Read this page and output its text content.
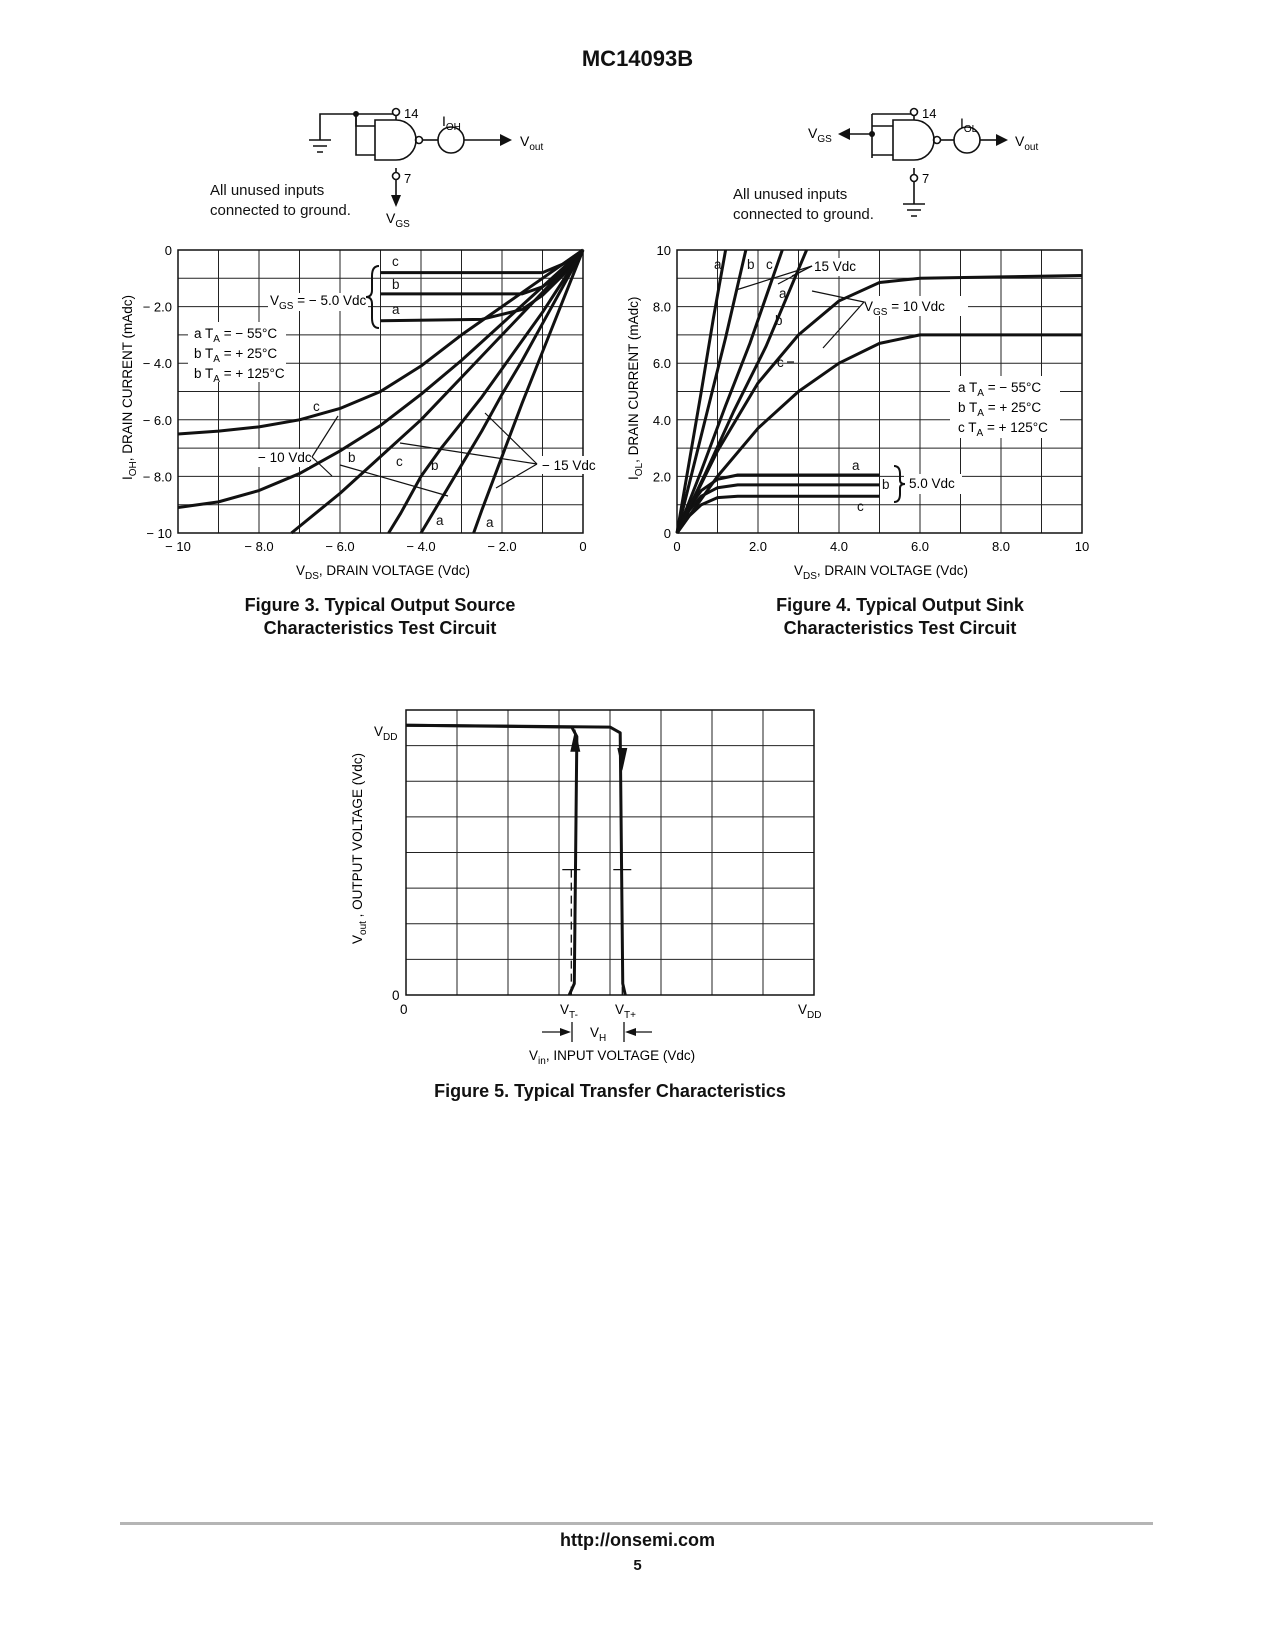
MC14093B
14
7
$I_{OH}$
$V_{out}$
$V_{GS}$
All unused inputs
connected to ground.
14
7
$I_{OL}$
$V_{out}$
$V_{GS}$
All unused inputs
connected to ground.
− 10	− 8.0	− 6.0	− 4.0	− 2.0	0
0
− 2.0
− 4.0
− 6.0
− 8.0
− 10
$V_{GS}$ = − 5.0 Vdc
c
b
a
c
b	c b
a	a
− 10 Vdc
− 15 Vdc
a $T_A$ = − 55°C
b $T_A$ = + 25°C
b $T_A$ = + 125°C
$V_{DS}$, DRAIN VOLTAGE (Vdc)
$I_{OH}$, DRAIN CURRENT (mAdc)
Figure 3. Typical Output Source
Characteristics Test Circuit
0	2.0	4.0	6.0	8.0	10
0
2.0
4.0
6.0
8.0
10
a b c
a
b
c
a
b
c
15 Vdc
$V_{GS} = 10$ Vdc
5.0 Vdc
a $T_A$ = − 55°C
b $T_A$ = + 25°C
c $T_A$ = + 125°C
$V_{DS}$, DRAIN VOLTAGE (Vdc)
$I_{OL}$, DRAIN CURRENT (mAdc)
Figure 4. Typical Output Sink
Characteristics Test Circuit
$V_{DD}$
0
0	$V_{T-}$	$V_{T+}$	$V_{DD}$
$V_H$
$V_{in}$, INPUT VOLTAGE (Vdc)
$V_{out}$ , OUTPUT VOLTAGE (Vdc)
Figure 5. Typical Transfer Characteristics
http://onsemi.com
5
